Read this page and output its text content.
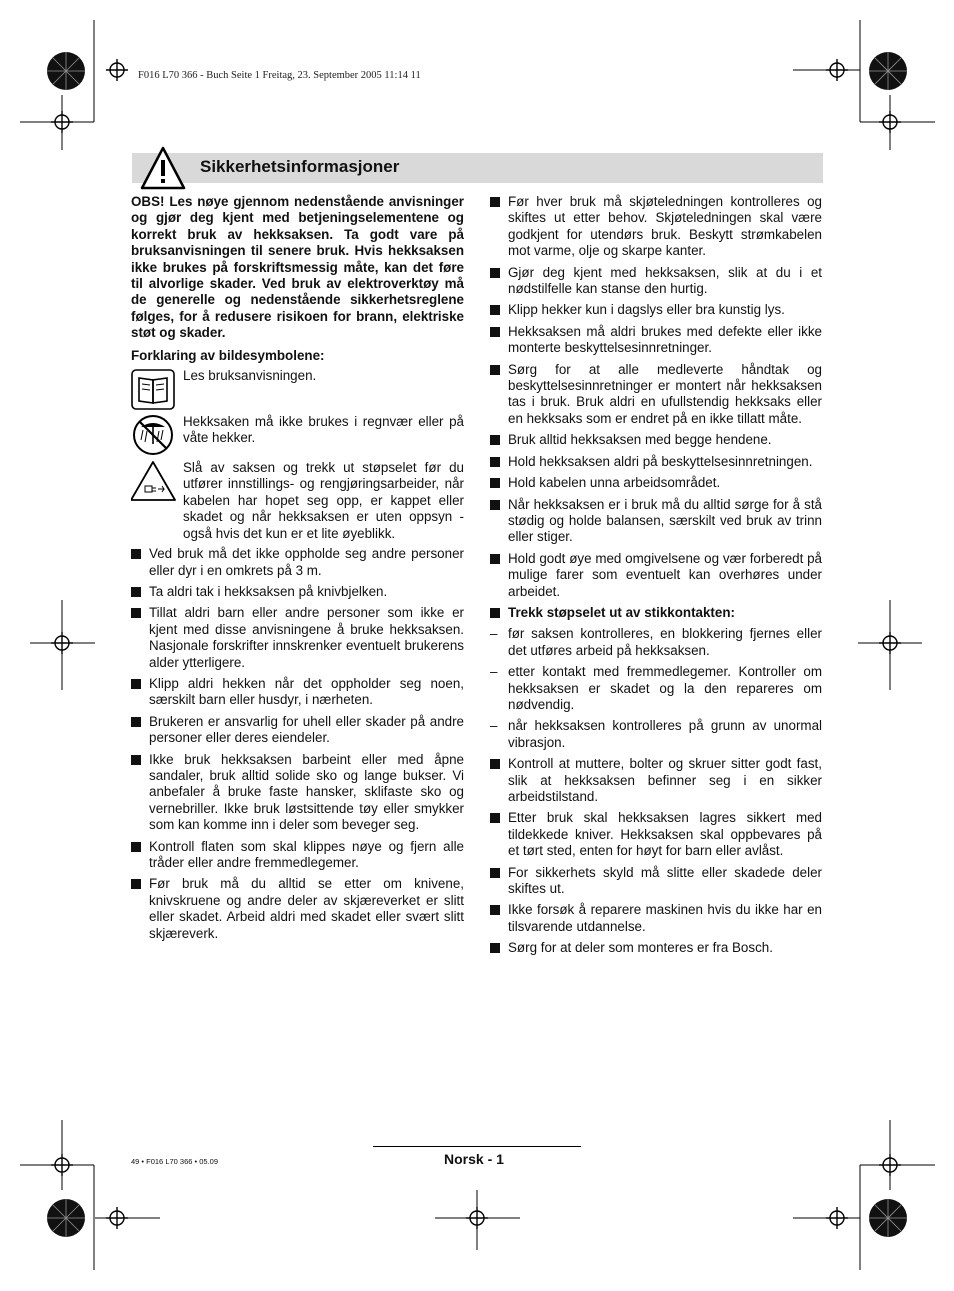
F016 L70 366 - Buch Seite 1 Freitag, 23. September 2005 11:14 11
Sikkerhetsinformasjoner

OBS! Les nøye gjennom nedenstående anvisninger og gjør deg kjent med betjeningselementene og korrekt bruk av hekksaksen. Ta godt vare på bruksanvisningen til senere bruk. Hvis hekksaksen ikke brukes på forskriftsmessig måte, kan det føre til alvorlige skader. Ved bruk av elektroverktøy må de generelle og nedenstående sikkerhetsreglene følges, for å redusere risikoen for brann, elektriske støt og skader.

Forklaring av bildesymbolene:

Les bruksanvisningen.
Hekksaken må ikke brukes i regnvær eller på våte hekker.
Slå av saksen og trekk ut støpselet før du utfører innstillings- og rengjøringsarbeider, når kabelen har hopet seg opp, er kappet eller skadet og når hekksaksen er uten oppsyn - også hvis det kun er et lite øyeblikk.
Ved bruk må det ikke oppholde seg andre personer eller dyr i en omkrets på 3 m.
Ta aldri tak i hekksaksen på knivbjelken.
Tillat aldri barn eller andre personer som ikke er kjent med disse anvisningene å bruke hekksaksen. Nasjonale forskrifter innskrenker eventuelt brukerens alder ytterligere.
Klipp aldri hekken når det oppholder seg noen, særskilt barn eller husdyr, i nærheten.
Brukeren er ansvarlig for uhell eller skader på andre personer eller deres eiendeler.
Ikke bruk hekksaksen barbeint eller med åpne sandaler, bruk alltid solide sko og lange bukser. Vi anbefaler å bruke faste hansker, sklifaste sko og vernebriller. Ikke bruk løstsittende tøy eller smykker som kan komme inn i deler som beveger seg.
Kontroll flaten som skal klippes nøye og fjern alle tråder eller andre fremmedlegemer.
Før bruk må du alltid se etter om knivene, knivskruene og andre deler av skjæreverket er slitt eller skadet. Arbeid aldri med skadet eller svært slitt skjæreverk.
Før hver bruk må skjøteledningen kontrolleres og skiftes ut etter behov. Skjøteledningen skal være godkjent for utendørs bruk. Beskytt strømkabelen mot varme, olje og skarpe kanter.
Gjør deg kjent med hekksaksen, slik at du i et nødstilfelle kan stanse den hurtig.
Klipp hekker kun i dagslys eller bra kunstig lys.
Hekksaksen må aldri brukes med defekte eller ikke monterte beskyttelsesinnretninger.
Sørg for at alle medleverte håndtak og beskyttelsesinnretninger er montert når hekksaksen tas i bruk. Bruk aldri en ufullstendig hekksaks eller en hekksaks som er endret på en ikke tillatt måte.
Bruk alltid hekksaksen med begge hendene.
Hold hekksaksen aldri på beskyttelsesinnretningen.
Hold kabelen unna arbeidsområdet.
Når hekksaksen er i bruk må du alltid sørge for å stå stødig og holde balansen, særskilt ved bruk av trinn eller stiger.
Hold godt øye med omgivelsene og vær forberedt på mulige farer som eventuelt kan overhøres under arbeidet.
Trekk støpselet ut av stikkontakten:
– før saksen kontrolleres, en blokkering fjernes eller det utføres arbeid på hekksaksen.
– etter kontakt med fremmedlegemer. Kontroller om hekksaksen er skadet og la den repareres om nødvendig.
– når hekksaksen kontrolleres på grunn av unormal vibrasjon.
Kontroll at muttere, bolter og skruer sitter godt fast, slik at hekksaksen befinner seg i en sikker arbeidstilstand.
Etter bruk skal hekksaksen lagres sikkert med tildekkede kniver. Hekksaksen skal oppbevares på et tørt sted, enten for høyt for barn eller avlåst.
For sikkerhets skyld må slitte eller skadede deler skiftes ut.
Ikke forsøk å reparere maskinen hvis du ikke har en tilsvarende utdannelse.
Sørg for at deler som monteres er fra Bosch.
49 • F016 L70 366 • 05.09	Norsk - 1
